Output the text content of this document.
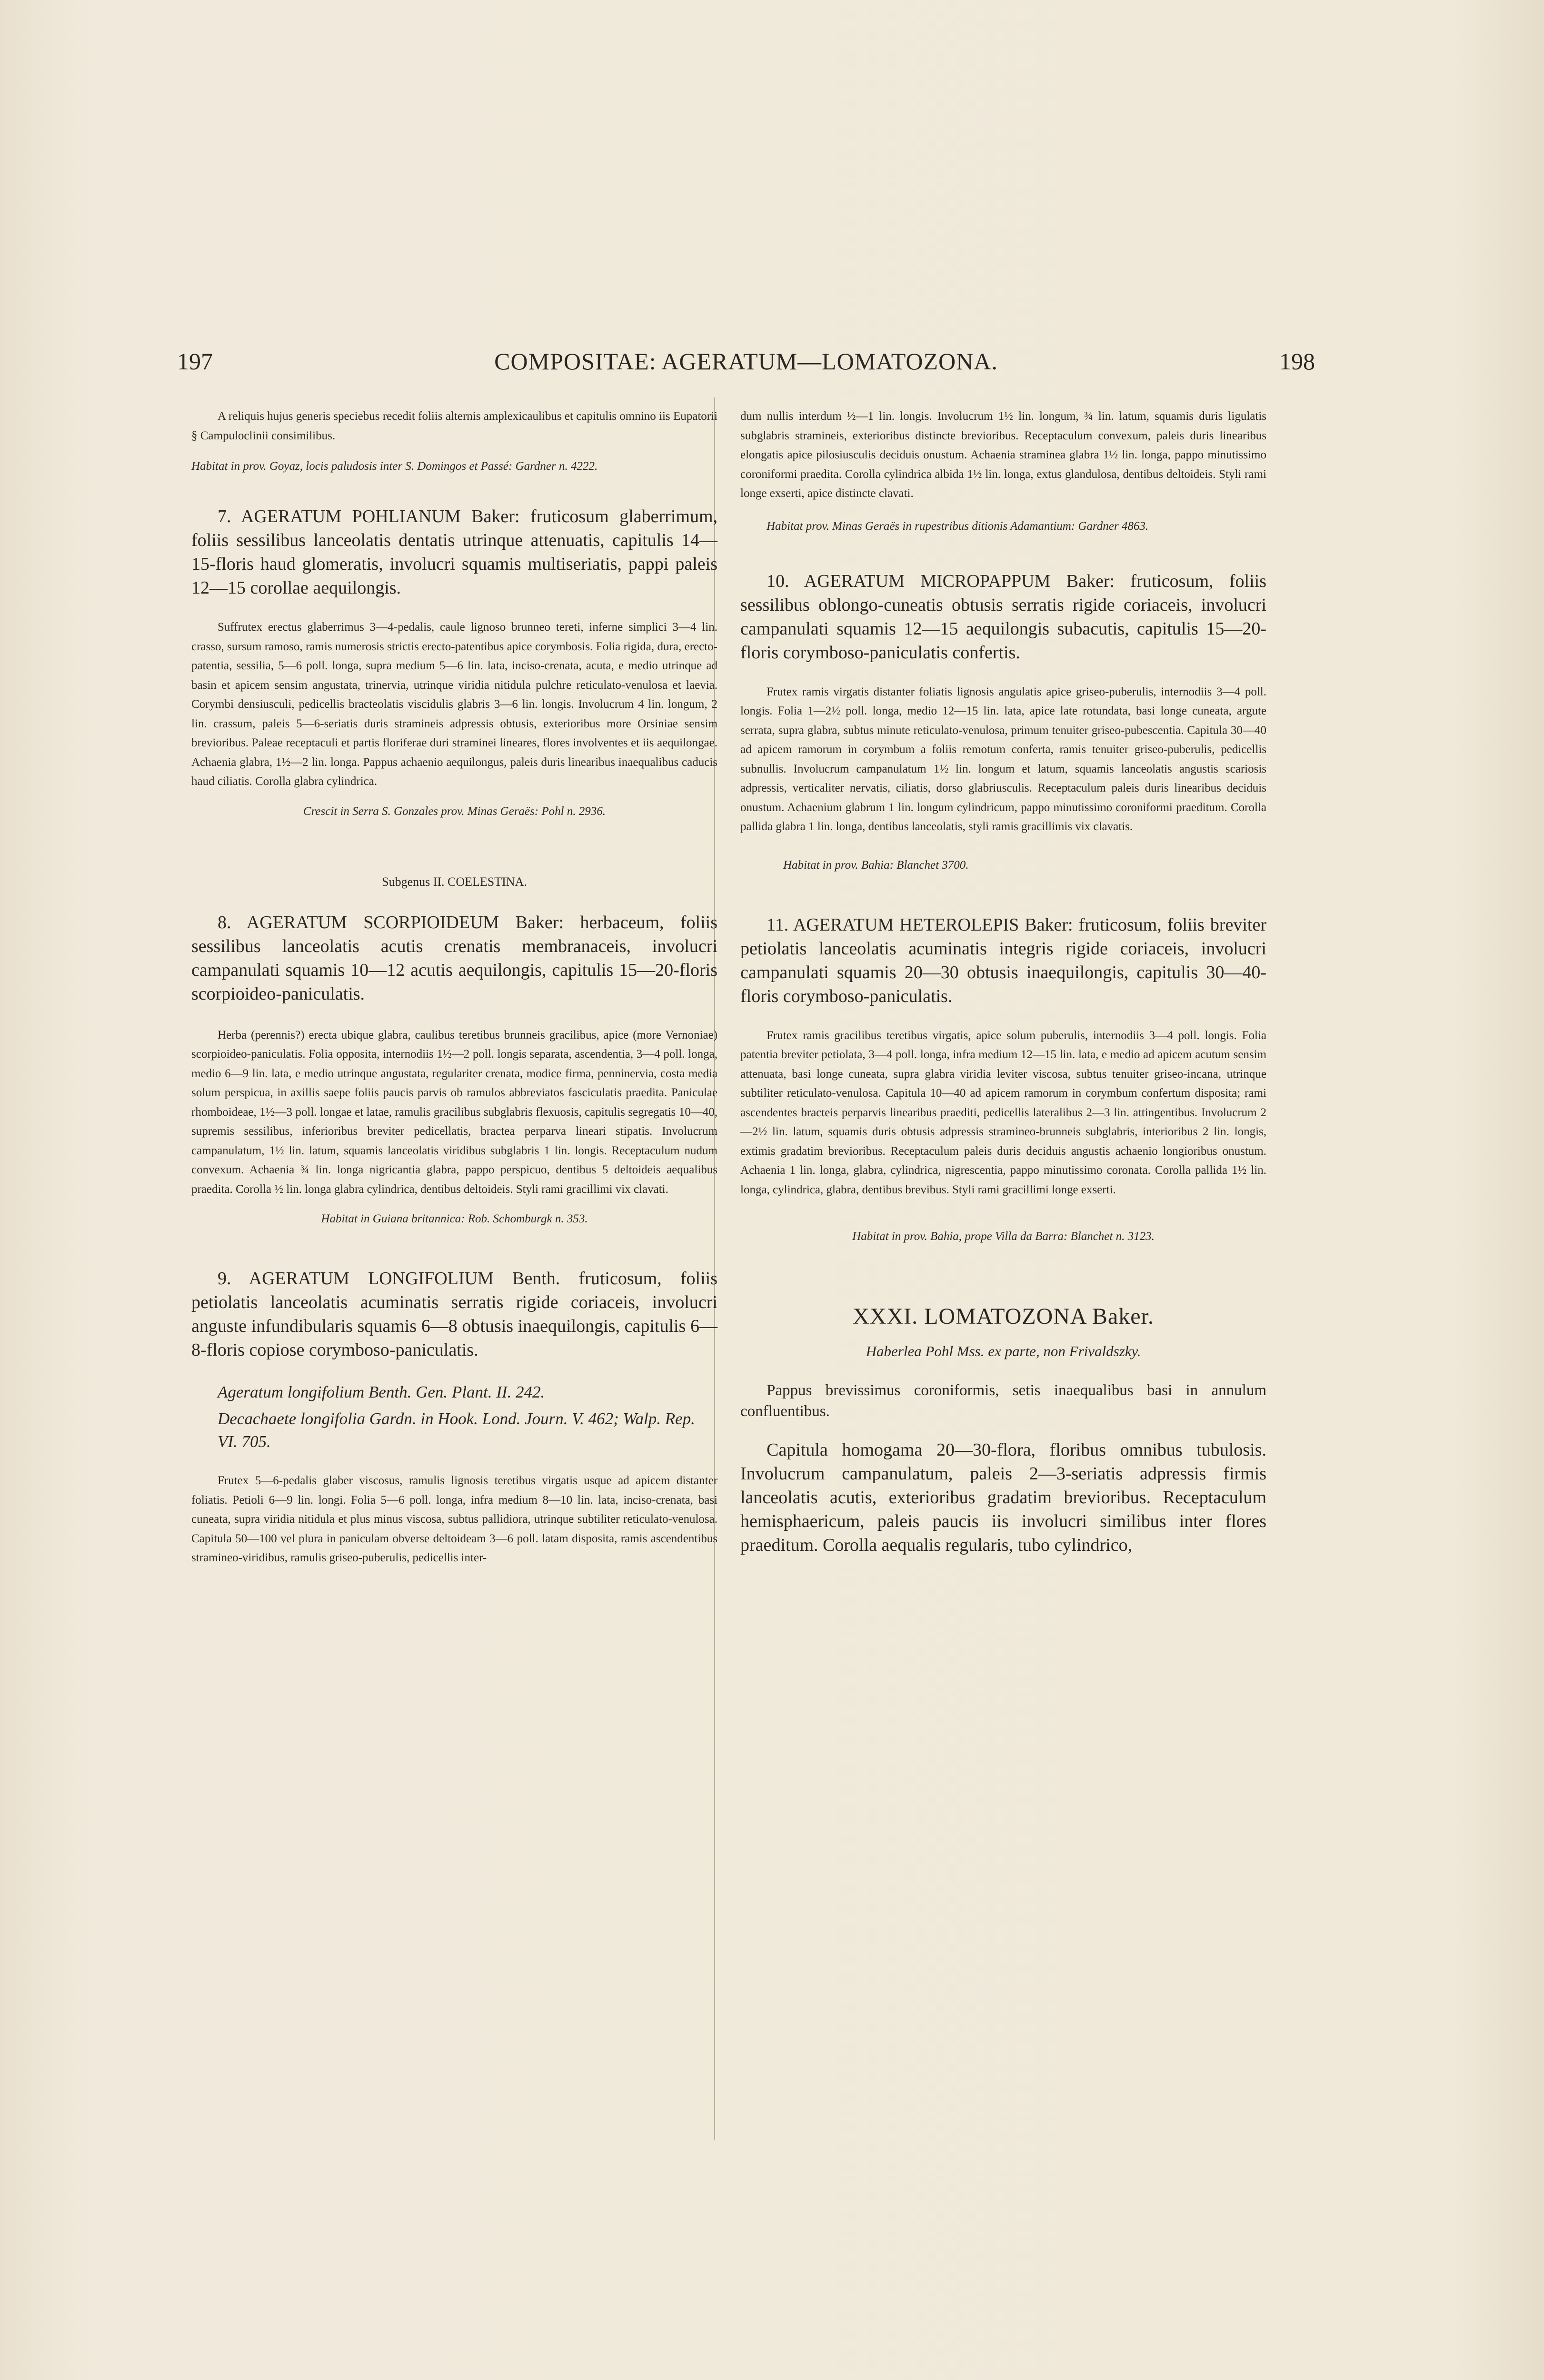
197	COMPOSITAE: AGERATUM—LOMATOZONA.	198

A reliquis hujus generis speciebus recedit foliis alternis amplexicaulibus et capitulis omnino iis Eupatorii § Campuloclinii consimilibus.

Habitat in prov. Goyaz, locis paludosis inter S. Domingos et Passé: Gardner n. 4222.

7. AGERATUM POHLIANUM Baker: fruticosum glaberrimum, foliis sessilibus lanceolatis dentatis utrinque attenuatis, capitulis 14—15-floris haud glomeratis, involucri squamis multiseriatis, pappi paleis 12—15 corollae aequilongis.

Suffrutex erectus glaberrimus 3—4-pedalis, caule lignoso brunneo tereti, inferne simplici 3—4 lin. crasso, sursum ramoso, ramis numerosis strictis erecto-patentibus apice corymbosis. Folia rigida, dura, erecto-patentia, sessilia, 5—6 poll. longa, supra medium 5—6 lin. lata, inciso-crenata, acuta, e medio utrinque ad basin et apicem sensim angustata, trinervia, utrinque viridia nitidula pulchre reticulato-venulosa et laevia. Corymbi densiusculi, pedicellis bracteolatis viscidulis glabris 3—6 lin. longis. Involucrum 4 lin. longum, 2 lin. crassum, paleis 5—6-seriatis duris stramineis adpressis obtusis, exterioribus more Orsiniae sensim brevioribus. Paleae receptaculi et partis floriferae duri straminei lineares, flores involventes et iis aequilongae. Achaenia glabra, 1½—2 lin. longa. Pappus achaenio aequilongus, paleis duris linearibus inaequalibus caducis haud ciliatis. Corolla glabra cylindrica.

Crescit in Serra S. Gonzales prov. Minas Geraës: Pohl n. 2936.

Subgenus II. COELESTINA.

8. AGERATUM SCORPIOIDEUM Baker: herbaceum, foliis sessilibus lanceolatis acutis crenatis membranaceis, involucri campanulati squamis 10—12 acutis aequilongis, capitulis 15—20-floris scorpioideo-paniculatis.

Herba (perennis?) erecta ubique glabra, caulibus teretibus brunneis gracilibus, apice (more Vernoniae) scorpioideo-paniculatis. Folia opposita, internodiis 1½—2 poll. longis separata, ascendentia, 3—4 poll. longa, medio 6—9 lin. lata, e medio utrinque angustata, regulariter crenata, modice firma, penninervia, costa media solum perspicua, in axillis saepe foliis paucis parvis ob ramulos abbreviatos fasciculatis praedita. Paniculae rhomboideae, 1½—3 poll. longae et latae, ramulis gracilibus subglabris flexuosis, capitulis segregatis 10—40, supremis sessilibus, inferioribus breviter pedicellatis, bractea perparva lineari stipatis. Involucrum campanulatum, 1½ lin. latum, squamis lanceolatis viridibus subglabris 1 lin. longis. Receptaculum nudum convexum. Achaenia ¾ lin. longa nigricantia glabra, pappo perspicuo, dentibus 5 deltoideis aequalibus praedita. Corolla ½ lin. longa glabra cylindrica, dentibus deltoideis. Styli rami gracillimi vix clavati.

Habitat in Guiana britannica: Rob. Schomburgk n. 353.

9. AGERATUM LONGIFOLIUM Benth. fruticosum, foliis petiolatis lanceolatis acuminatis serratis rigide coriaceis, involucri anguste infundibularis squamis 6—8 obtusis inaequilongis, capitulis 6—8-floris copiose corymboso-paniculatis.

Ageratum longifolium Benth. Gen. Plant. II. 242.

Decachaete longifolia Gardn. in Hook. Lond. Journ. V. 462; Walp. Rep. VI. 705.

Frutex 5—6-pedalis glaber viscosus, ramulis lignosis teretibus virgatis usque ad apicem distanter foliatis. Petioli 6—9 lin. longi. Folia 5—6 poll. longa, infra medium 8—10 lin. lata, inciso-crenata, basi cuneata, supra viridia nitidula et plus minus viscosa, subtus pallidiora, utrinque subtiliter reticulato-venulosa. Capitula 50—100 vel plura in paniculam obverse deltoideam 3—6 poll. latam disposita, ramis ascendentibus stramineo-viridibus, ramulis griseo-puberulis, pedicellis inter-

dum nullis interdum ½—1 lin. longis. Involucrum 1½ lin. longum, ¾ lin. latum, squamis duris ligulatis subglabris stramineis, exterioribus distincte brevioribus. Receptaculum convexum, paleis duris linearibus elongatis apice pilosiusculis deciduis onustum. Achaenia straminea glabra 1½ lin. longa, pappo minutissimo coroniformi praedita. Corolla cylindrica albida 1½ lin. longa, extus glandulosa, dentibus deltoideis. Styli rami longe exserti, apice distincte clavati.

Habitat prov. Minas Geraës in rupestribus ditionis Adamantium: Gardner 4863.

10. AGERATUM MICROPAPPUM Baker: fruticosum, foliis sessilibus oblongo-cuneatis obtusis serratis rigide coriaceis, involucri campanulati squamis 12—15 aequilongis subacutis, capitulis 15—20-floris corymboso-paniculatis confertis.

Frutex ramis virgatis distanter foliatis lignosis angulatis apice griseo-puberulis, internodiis 3—4 poll. longis. Folia 1—2½ poll. longa, medio 12—15 lin. lata, apice late rotundata, basi longe cuneata, argute serrata, supra glabra, subtus minute reticulato-venulosa, primum tenuiter griseo-pubescentia. Capitula 30—40 ad apicem ramorum in corymbum a foliis remotum conferta, ramis tenuiter griseo-puberulis, pedicellis subnullis. Involucrum campanulatum 1½ lin. longum et latum, squamis lanceolatis angustis scariosis adpressis, verticaliter nervatis, ciliatis, dorso glabriusculis. Receptaculum paleis duris linearibus deciduis onustum. Achaenium glabrum 1 lin. longum cylindricum, pappo minutissimo coroniformi praeditum. Corolla pallida glabra 1 lin. longa, dentibus lanceolatis, styli ramis gracillimis vix clavatis.

Habitat in prov. Bahia: Blanchet 3700.

11. AGERATUM HETEROLEPIS Baker: fruticosum, foliis breviter petiolatis lanceolatis acuminatis integris rigide coriaceis, involucri campanulati squamis 20—30 obtusis inaequilongis, capitulis 30—40-floris corymboso-paniculatis.

Frutex ramis gracilibus teretibus virgatis, apice solum puberulis, internodiis 3—4 poll. longis. Folia patentia breviter petiolata, 3—4 poll. longa, infra medium 12—15 lin. lata, e medio ad apicem acutum sensim attenuata, basi longe cuneata, supra glabra viridia leviter viscosa, subtus tenuiter griseo-incana, utrinque subtiliter reticulato-venulosa. Capitula 10—40 ad apicem ramorum in corymbum confertum disposita; rami ascendentes bracteis perparvis linearibus praediti, pedicellis lateralibus 2—3 lin. attingentibus. Involucrum 2—2½ lin. latum, squamis duris obtusis adpressis stramineo-brunneis subglabris, interioribus 2 lin. longis, extimis gradatim brevioribus. Receptaculum paleis duris deciduis angustis achaenio longioribus onustum. Achaenia 1 lin. longa, glabra, cylindrica, nigrescentia, pappo minutissimo coronata. Corolla pallida 1½ lin. longa, cylindrica, glabra, dentibus brevibus. Styli rami gracillimi longe exserti.

Habitat in prov. Bahia, prope Villa da Barra: Blanchet n. 3123.

XXXI. LOMATOZONA Baker.

Haberlea Pohl Mss. ex parte, non Frivaldszky.

Pappus brevissimus coroniformis, setis inaequalibus basi in annulum confluentibus.

Capitula homogama 20—30-flora, floribus omnibus tubulosis. Involucrum campanulatum, paleis 2—3-seriatis adpressis firmis lanceolatis acutis, exterioribus gradatim brevioribus. Receptaculum hemisphaericum, paleis paucis iis involucri similibus inter flores praeditum. Corolla aequalis regularis, tubo cylindrico,
